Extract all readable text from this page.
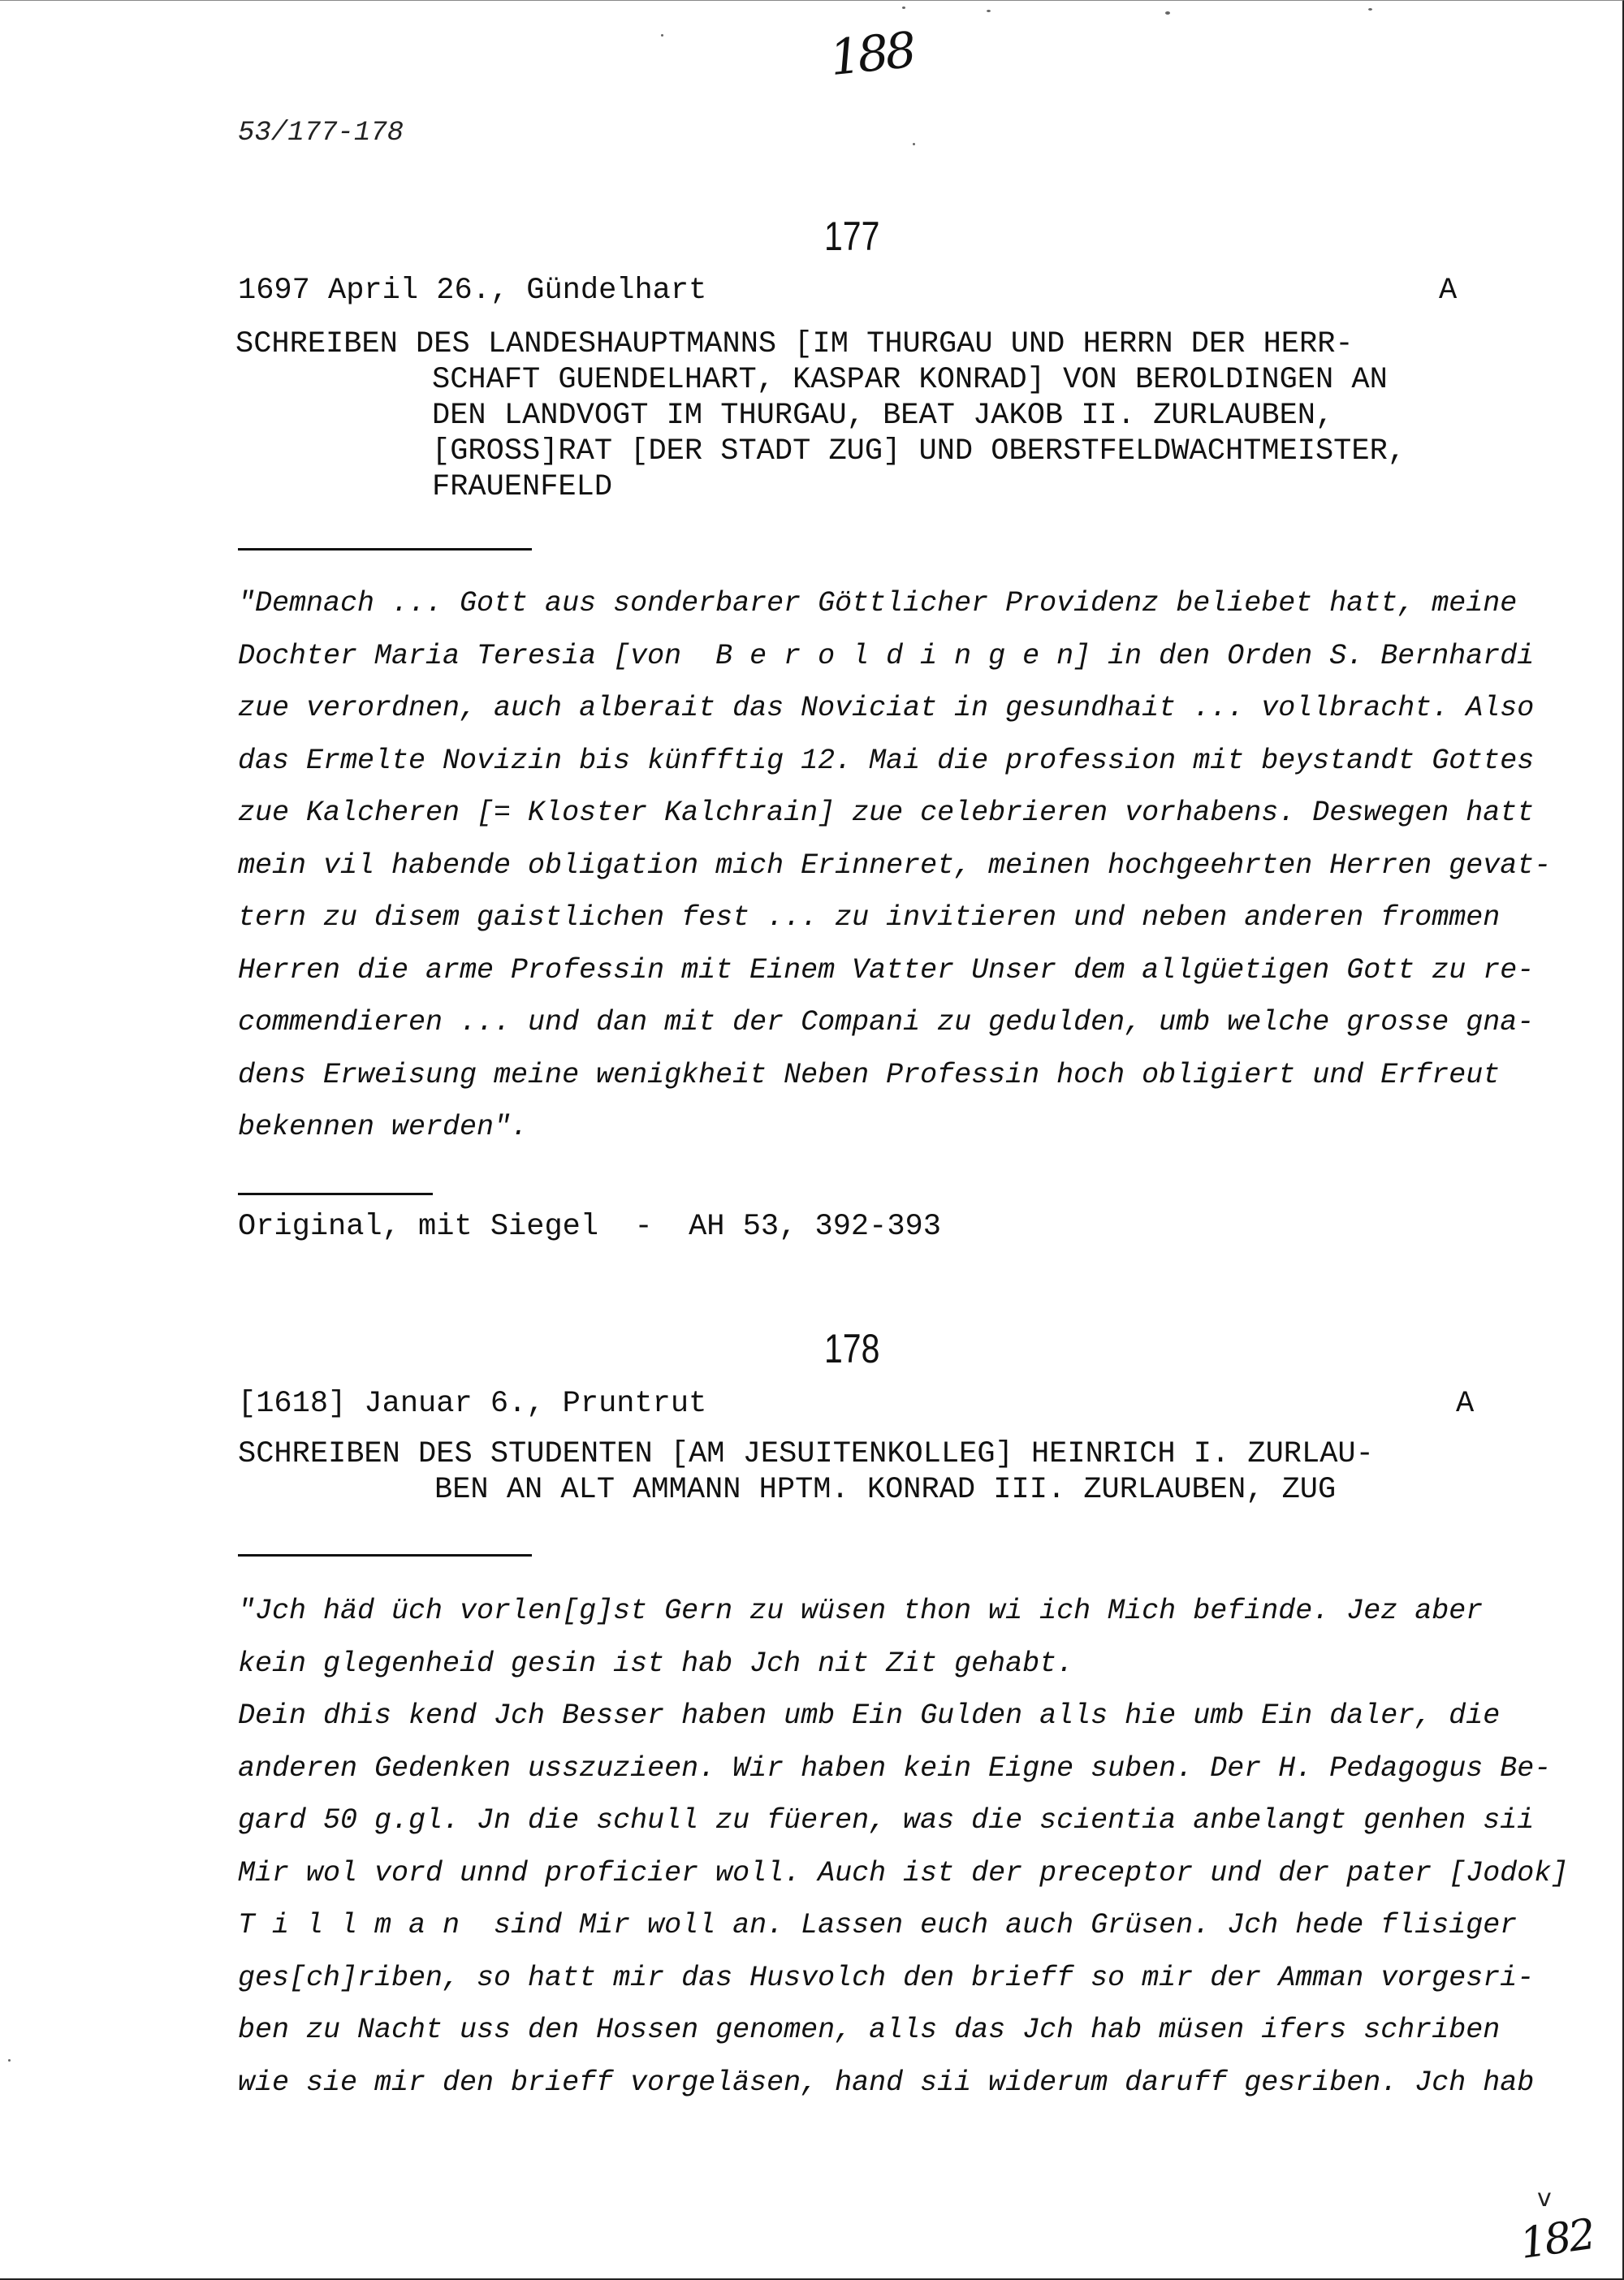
188
53/177-178
177
1697 April 26., Gündelhart	A
SCHREIBEN DES LANDESHAUPTMANNS [IM THURGAU UND HERRN DER HERR-
SCHAFT GUENDELHART, KASPAR KONRAD] VON BEROLDINGEN AN
DEN LANDVOGT IM THURGAU, BEAT JAKOB II. ZURLAUBEN,
[GROSS]RAT [DER STADT ZUG] UND OBERSTFELDWACHTMEISTER,
FRAUENFELD
"Demnach ... Gott aus sonderbarer Göttlicher Providenz beliebet hatt, meine
Dochter Maria Teresia [von  B e r o l d i n g e n] in den Orden S. Bernhardi
zue verordnen, auch alberait das Noviciat in gesundhait ... vollbracht. Also
das Ermelte Novizin bis künfftig 12. Mai die profession mit beystandt Gottes
zue Kalcheren [= Kloster Kalchrain] zue celebrieren vorhabens. Deswegen hatt
mein vil habende obligation mich Erinneret, meinen hochgeehrten Herren gevat-
tern zu disem gaistlichen fest ... zu invitieren und neben anderen frommen
Herren die arme Professin mit Einem Vatter Unser dem allgüetigen Gott zu re-
commendieren ... und dan mit der Compani zu gedulden, umb welche grosse gna-
dens Erweisung meine wenigkheit Neben Professin hoch obligiert und Erfreut
bekennen werden".
Original, mit Siegel  -  AH 53, 392-393
178
[1618] Januar 6., Pruntrut	A
SCHREIBEN DES STUDENTEN [AM JESUITENKOLLEG] HEINRICH I. ZURLAU-
BEN AN ALT AMMANN HPTM. KONRAD III. ZURLAUBEN, ZUG
"Jch häd üch vorlen[g]st Gern zu wüsen thon wi ich Mich befinde. Jez aber
kein glegenheid gesin ist hab Jch nit Zit gehabt.
Dein dhis kend Jch Besser haben umb Ein Gulden alls hie umb Ein daler, die
anderen Gedenken usszuzieen. Wir haben kein Eigne suben. Der H. Pedagogus Be-
gard 50 g.gl. Jn die schull zu füeren, was die scientia anbelangt genhen sii
Mir wol vord unnd proficier woll. Auch ist der preceptor und der pater [Jodok]
T i l l m a n  sind Mir woll an. Lassen euch auch Grüsen. Jch hede flisiger
ges[ch]riben, so hatt mir das Husvolch den brieff so mir der Amman vorgesri-
ben zu Nacht uss den Hossen genomen, alls das Jch hab müsen ifers schriben
wie sie mir den brieff vorgeläsen, hand sii widerum daruff gesriben. Jch hab
v
182
